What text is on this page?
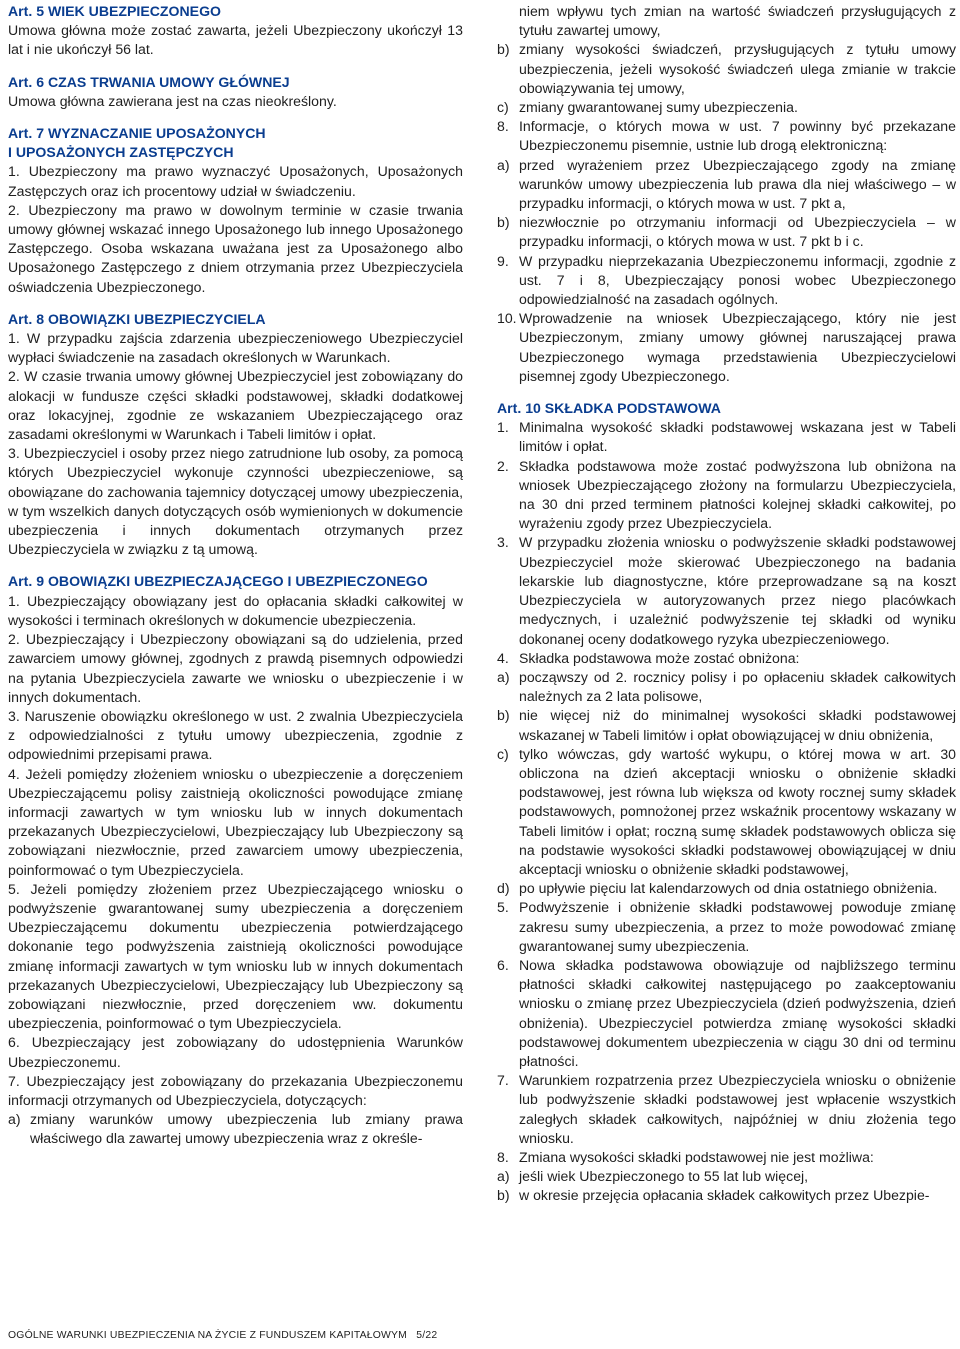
Art. 5 WIEK UBEZPIECZONEGO

Umowa główna może zostać zawarta, jeżeli Ubezpieczony ukończył 13 lat i nie ukończył 56 lat.

Art. 6 CZAS TRWANIA UMOWY GŁÓWNEJ

Umowa główna zawierana jest na czas nieokreślony.

Art. 7 WYZNACZANIE UPOSAŻONYCH

I UPOSAŻONYCH ZASTĘPCZYCH

1. Ubezpieczony ma prawo wyznaczyć Uposażonych, Uposażonych Zastępczych oraz ich procentowy udział w świadczeniu.

2. Ubezpieczony ma prawo w dowolnym terminie w czasie trwania umowy głównej wskazać innego Uposażonego lub innego Uposażonego Zastępczego. Osoba wskazana uważana jest za Uposażonego albo Uposażonego Zastępczego z dniem otrzymania przez Ubezpieczyciela oświadczenia Ubezpieczonego.

Art. 8 OBOWIĄZKI UBEZPIECZYCIELA

1. W przypadku zajścia zdarzenia ubezpieczeniowego Ubezpieczyciel wypłaci świadczenie na zasadach określonych w Warunkach.

2. W czasie trwania umowy głównej Ubezpieczyciel jest zobowiązany do alokacji w fundusze części składki podstawowej, składki dodatkowej oraz lokacyjnej, zgodnie ze wskazaniem Ubezpieczającego oraz zasadami określonymi w Warunkach i Tabeli limitów i opłat.

3. Ubezpieczyciel i osoby przez niego zatrudnione lub osoby, za pomocą których Ubezpieczyciel wykonuje czynności ubezpieczeniowe, są obowiązane do zachowania tajemnicy dotyczącej umowy ubezpieczenia, w tym wszelkich danych dotyczących osób wymienionych w dokumencie ubezpieczenia i innych dokumentach otrzymanych przez Ubezpieczyciela w związku z tą umową.

Art. 9 OBOWIĄZKI UBEZPIECZAJĄCEGO I UBEZPIECZONEGO

1. Ubezpieczający obowiązany jest do opłacania składki całkowitej w wysokości i terminach określonych w dokumencie ubezpieczenia.

2. Ubezpieczający i Ubezpieczony obowiązani są do udzielenia, przed zawarciem umowy głównej, zgodnych z prawdą pisemnych odpowiedzi na pytania Ubezpieczyciela zawarte we wniosku o ubezpieczenie i w innych dokumentach.

3. Naruszenie obowiązku określonego w ust. 2 zwalnia Ubezpieczyciela z odpowiedzialności z tytułu umowy ubezpieczenia, zgodnie z odpowiednimi przepisami prawa.

4. Jeżeli pomiędzy złożeniem wniosku o ubezpieczenie a doręczeniem Ubezpieczającemu polisy zaistnieją okoliczności powodujące zmianę informacji zawartych w tym wniosku lub w innych dokumentach przekazanych Ubezpieczycielowi, Ubezpieczający lub Ubezpieczony są zobowiązani niezwłocznie, przed zawarciem umowy ubezpieczenia, poinformować o tym Ubezpieczyciela.

5. Jeżeli pomiędzy złożeniem przez Ubezpieczającego wniosku o podwyższenie gwarantowanej sumy ubezpieczenia a doręczeniem Ubezpieczającemu dokumentu ubezpieczenia potwierdzającego dokonanie tego podwyższenia zaistnieją okoliczności powodujące zmianę informacji zawartych w tym wniosku lub w innych dokumentach przekazanych Ubezpieczycielowi, Ubezpieczający lub Ubezpieczony są zobowiązani niezwłocznie, przed doręczeniem ww. dokumentu ubezpieczenia, poinformować o tym Ubezpieczyciela.

6. Ubezpieczający jest zobowiązany do udostępnienia Warunków Ubezpieczonemu.

7. Ubezpieczający jest zobowiązany do przekazania Ubezpieczonemu informacji otrzymanych od Ubezpieczyciela, dotyczących:

a) zmiany warunków umowy ubezpieczenia lub zmiany prawa właściwego dla zawartej umowy ubezpieczenia wraz z określe-

niem wpływu tych zmian na wartość świadczeń przysługujących z tytułu zawartej umowy,

b) zmiany wysokości świadczeń, przysługujących z tytułu umowy ubezpieczenia, jeżeli wysokość świadczeń ulega zmianie w trakcie obowiązywania tej umowy,
c) zmiany gwarantowanej sumy ubezpieczenia.
8. Informacje, o których mowa w ust. 7 powinny być przekazane Ubezpieczonemu pisemnie, ustnie lub drogą elektroniczną:
a) przed wyrażeniem przez Ubezpieczającego zgody na zmianę warunków umowy ubezpieczenia lub prawa dla niej właściwego – w przypadku informacji, o których mowa w ust. 7 pkt a,
b) niezwłocznie po otrzymaniu informacji od Ubezpieczyciela – w przypadku informacji, o których mowa w ust. 7 pkt b i c.
9. W przypadku nieprzekazania Ubezpieczonemu informacji, zgodnie z ust. 7 i 8, Ubezpieczający ponosi wobec Ubezpieczonego odpowiedzialność na zasadach ogólnych.
10. Wprowadzenie na wniosek Ubezpieczającego, który nie jest Ubezpieczonym, zmiany umowy głównej naruszającej prawa Ubezpieczonego wymaga przedstawienia Ubezpieczycielowi pisemnej zgody Ubezpieczonego.

Art. 10 SKŁADKA PODSTAWOWA

1. Minimalna wysokość składki podstawowej wskazana jest w Tabeli limitów i opłat.
2. Składka podstawowa może zostać podwyższona lub obniżona na wniosek Ubezpieczającego złożony na formularzu Ubezpieczyciela, na 30 dni przed terminem płatności kolejnej składki całkowitej, po wyrażeniu zgody przez Ubezpieczyciela.
3. W przypadku złożenia wniosku o podwyższenie składki podstawowej Ubezpieczyciel może skierować Ubezpieczonego na badania lekarskie lub diagnostyczne, które przeprowadzane są na koszt Ubezpieczyciela w autoryzowanych przez niego placówkach medycznych, i uzależnić podwyższenie tej składki od wyniku dokonanej oceny dodatkowego ryzyka ubezpieczeniowego.
4. Składka podstawowa może zostać obniżona:
a) począwszy od 2. rocznicy polisy i po opłaceniu składek całkowitych należnych za 2 lata polisowe,
b) nie więcej niż do minimalnej wysokości składki podstawowej wskazanej w Tabeli limitów i opłat obowiązującej w dniu obniżenia,
c) tylko wówczas, gdy wartość wykupu, o której mowa w art. 30 obliczona na dzień akceptacji wniosku o obniżenie składki podstawowej, jest równa lub większa od kwoty rocznej sumy składek podstawowych, pomnożonej przez wskaźnik procentowy wskazany w Tabeli limitów i opłat; roczną sumę składek podstawowych oblicza się na podstawie wysokości składki podstawowej obowiązującej w dniu akceptacji wniosku o obniżenie składki podstawowej,
d) po upływie pięciu lat kalendarzowych od dnia ostatniego obniżenia.
5. Podwyższenie i obniżenie składki podstawowej powoduje zmianę zakresu sumy ubezpieczenia, a przez to może powodować zmianę gwarantowanej sumy ubezpieczenia.
6. Nowa składka podstawowa obowiązuje od najbliższego terminu płatności składki całkowitej następującego po zaakceptowaniu wniosku o zmianę przez Ubezpieczyciela (dzień podwyższenia, dzień obniżenia). Ubezpieczyciel potwierdza zmianę wysokości składki podstawowej dokumentem ubezpieczenia w ciągu 30 dni od terminu płatności.
7. Warunkiem rozpatrzenia przez Ubezpieczyciela wniosku o obniżenie lub podwyższenie składki podstawowej jest wpłacenie wszystkich zaległych składek całkowitych, najpóźniej w dniu złożenia tego wniosku.
8. Zmiana wysokości składki podstawowej nie jest możliwa:
a) jeśli wiek Ubezpieczonego to 55 lat lub więcej,
b) w okresie przejęcia opłacania składek całkowitych przez Ubezpie-
OGÓLNE WARUNKI UBEZPIECZENIA NA ŻYCIE Z FUNDUSZEM KAPITAŁOWYM 5/22
